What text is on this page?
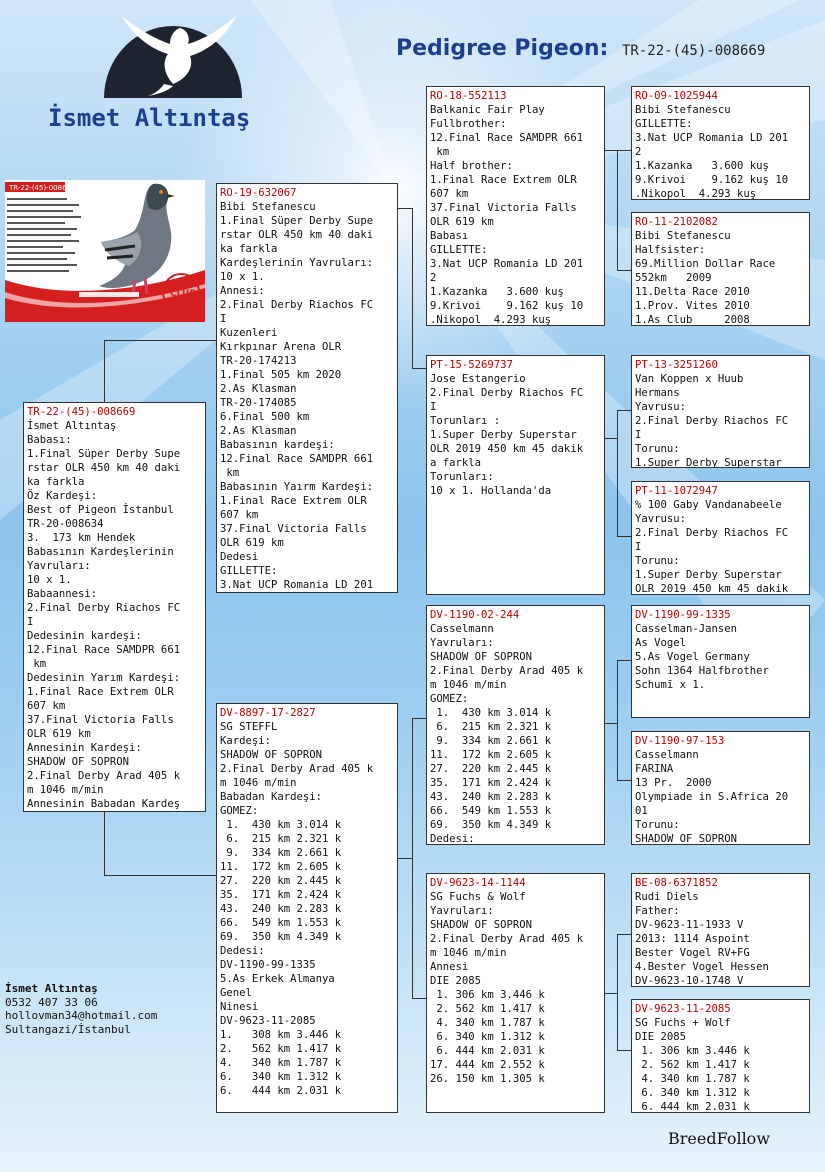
Pedigree Pigeon: TR-22-(45)-008669
İsmet Altıntaş
CLUB
TR-22-(45)-008669
TR-22-(45)-008669
İsmet Altıntaş
Babası:
1.Final Süper Derby Supe
rstar OLR 450 km 40 daki
ka farkla
Öz Kardeşi:
Best of Pigeon İstanbul
TR-20-008634
3.  173 km Hendek
Babasının Kardeşlerinin
Yavruları:
10 x 1.
Babaannesi:
2.Final Derby Riachos FC
I
Dedesinin kardeşi:
12.Final Race SAMDPR 661
km
Dedesinin Yarım Kardeşi:
1.Final Race Extrem OLR
607 km
37.Final Victoria Falls
OLR 619 km
Annesinin Kardeşi:
SHADOW OF SOPRON
2.Final Derby Arad 405 k
m 1046 m/min
Annesinin Babadan Kardeş
RO-19-632067
Bibi Stefanescu
1.Final Süper Derby Supe
rstar OLR 450 km 40 daki
ka farkla
Kardeşlerinin Yavruları:
10 x 1.
Annesi:
2.Final Derby Riachos FC
I
Kuzenleri
Kırkpınar Arena OLR
TR-20-174213
1.Final 505 km 2020
2.As Klasman
TR-20-174085
6.Final 500 km
2.As Klasman
Babasının kardeşi:
12.Final Race SAMDPR 661
km
Babasının Yaırm Kardeşi:
1.Final Race Extrem OLR
607 km
37.Final Victoria Falls
OLR 619 km
Dedesi
GILLETTE:
3.Nat UCP Romania LD 201
DV-8897-17-2827
SG STEFFL
Kardeşi:
SHADOW OF SOPRON
2.Final Derby Arad 405 k
m 1046 m/min
Babadan Kardeşi:
GOMEZ:
1.  430 km 3.014 k
6.  215 km 2.321 k
9.  334 km 2.661 k
11.  172 km 2.605 k
27.  220 km 2.445 k
35.  171 km 2.424 k
43.  240 km 2.283 k
66.  549 km 1.553 k
69.  350 km 4.349 k
Dedesi:
DV-1190-99-1335
5.As Erkek Almanya
Genel
Ninesi
DV-9623-11-2085
1.   308 km 3.446 k
2.   562 km 1.417 k
4.   340 km 1.787 k
6.   340 km 1.312 k
6.   444 km 2.031 k
RO-18-552113
Balkanic Fair Play
Fullbrother:
12.Final Race SAMDPR 661
km
Half brother:
1.Final Race Extrem OLR
607 km
37.Final Victoria Falls
OLR 619 km
Babası
GILLETTE:
3.Nat UCP Romania LD 201
2
1.Kazanka   3.600 kuş
9.Krivoi    9.162 kuş 10
.Nikopol  4.293 kuş
PT-15-5269737
Jose Estangerio
2.Final Derby Riachos FC
I
Torunları :
1.Super Derby Superstar
OLR 2019 450 km 45 dakik
a farkla
Torunları:
10 x 1. Hollanda'da
DV-1190-02-244
Casselmann
Yavruları:
SHADOW OF SOPRON
2.Final Derby Arad 405 k
m 1046 m/min
GOMEZ:
1.  430 km 3.014 k
6.  215 km 2.321 k
9.  334 km 2.661 k
11.  172 km 2.605 k
27.  220 km 2.445 k
35.  171 km 2.424 k
43.  240 km 2.283 k
66.  549 km 1.553 k
69.  350 km 4.349 k
Dedesi:
DV-9623-14-1144
SG Fuchs & Wolf
Yavruları:
SHADOW OF SOPRON
2.Final Derby Arad 405 k
m 1046 m/min
Annesi
DIE 2085
1. 306 km 3.446 k
2. 562 km 1.417 k
4. 340 km 1.787 k
6. 340 km 1.312 k
6. 444 km 2.031 k
17. 444 km 2.552 k
26. 150 km 1.305 k
RO-09-1025944
Bibi Stefanescu
GILLETTE:
3.Nat UCP Romania LD 201
2
1.Kazanka   3.600 kuş
9.Krivoi    9.162 kuş 10
.Nikopol  4.293 kuş
RO-11-2102082
Bibi Stefanescu
Halfsister:
69.Million Dollar Race
552km   2009
11.Delta Race 2010
1.Prov. Vites 2010
1.As Club     2008
PT-13-3251260
Van Koppen x Huub
Hermans
Yavrusu:
2.Final Derby Riachos FC
I
Torunu:
1.Super Derby Superstar
PT-11-1072947
% 100 Gaby Vandanabeele
Yavrusu:
2.Final Derby Riachos FC
I
Torunu:
1.Super Derby Superstar
OLR 2019 450 km 45 dakik
DV-1190-99-1335
Casselman-Jansen
As Vogel
5.As Vogel Germany
Sohn 1364 Halfbrother
Schumī x 1.
DV-1190-97-153
Casselmann
FARINA
13 Pr.  2000
Olympiade in S.Africa 20
01
Torunu:
SHADOW OF SOPRON
BE-08-6371852
Rudi Diels
Father:
DV-9623-11-1933 V
2013: 1114 Aspoint
Bester Vogel RV+FG
4.Bester Vogel Hessen
DV-9623-10-1748 V
DV-9623-11-2085
SG Fuchs + Wolf
DIE 2085
1. 306 km 3.446 k
2. 562 km 1.417 k
4. 340 km 1.787 k
6. 340 km 1.312 k
6. 444 km 2.031 k
İsmet Altıntaş
0532 407 33 06
hollovman34@hotmail.com
Sultangazi/İstanbul
BreedFollow
